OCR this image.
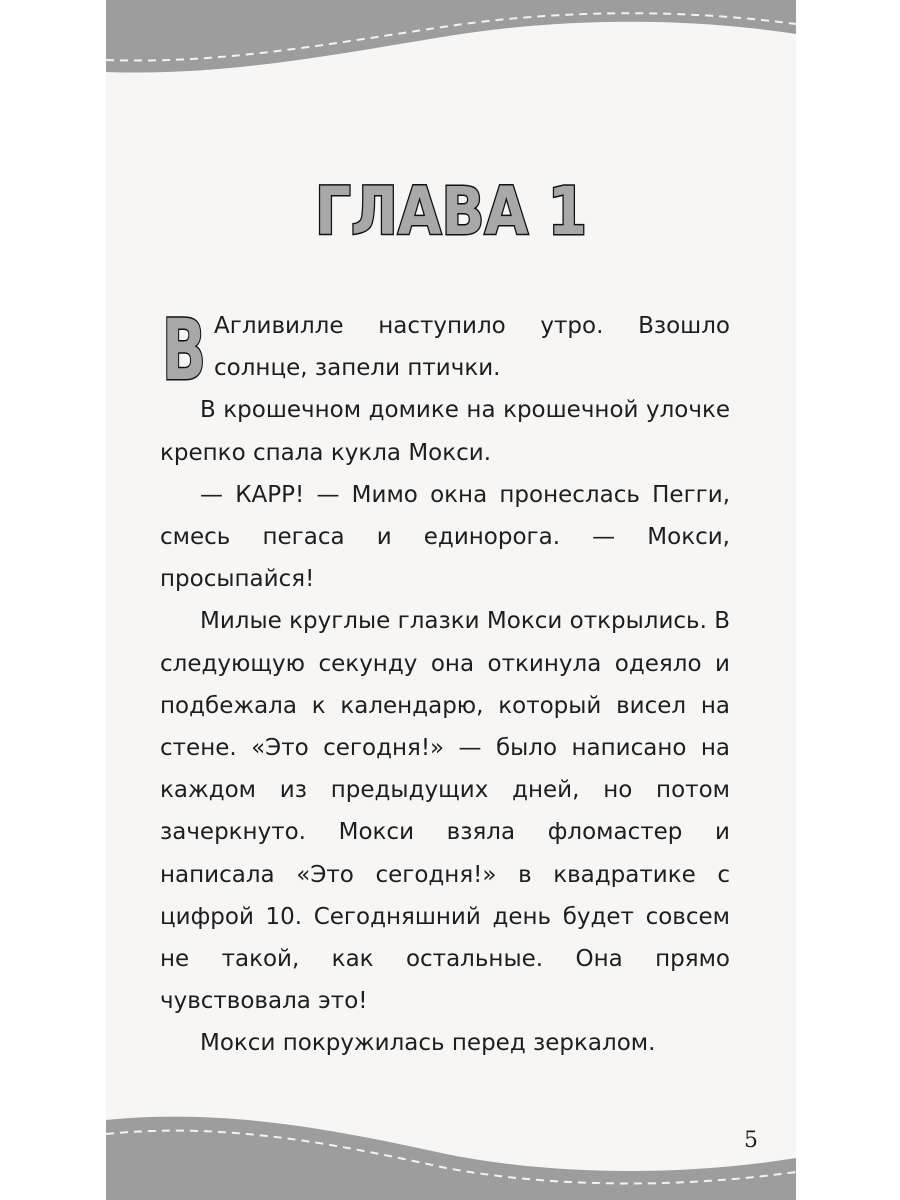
ГЛАВА 1

В Агливилле наступило утро. Взошло солнце, запели птички.

В крошечном домике на крошечной улочке крепко спала кукла Мокси.

— КАРР! — Мимо окна пронеслась Пегги, смесь пегаса и единорога. — Мокси, просыпайся!

Милые круглые глазки Мокси открылись. В следующую секунду она откинула одеяло и подбежала к календарю, который висел на стене. «Это сегодня!» — было написано на каждом из предыдущих дней, но потом зачеркнуто. Мокси взяла фломастер и написала «Это сегодня!» в квадратике с цифрой 10. Сегодняшний день будет совсем не такой, как остальные. Она прямо чувствовала это!

Мокси покружилась перед зеркалом.

5
